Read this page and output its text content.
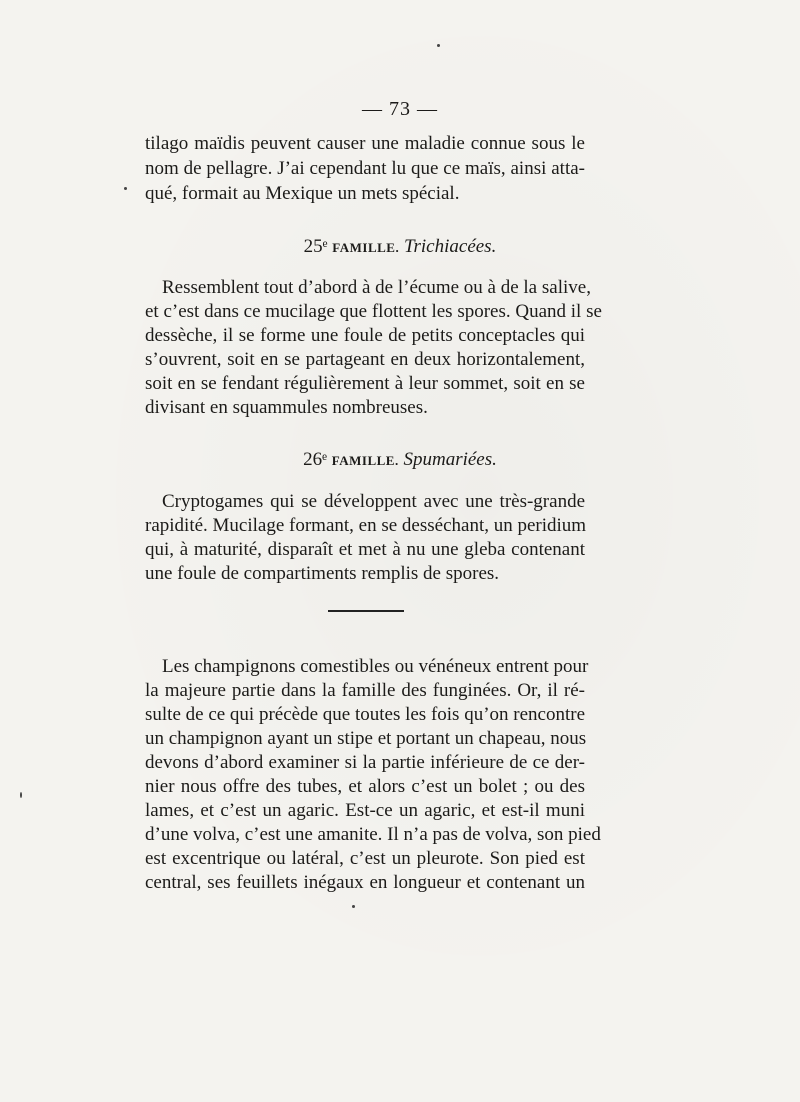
— 73 —
tilago maïdis peuvent causer une maladie connue sous le
nom de pellagre. J’ai cependant lu que ce maïs, ainsi atta-
qué, formait au Mexique un mets spécial.
25ᵉ FAMILLE. Trichiacées.
Ressemblent tout d’abord à de l’écume ou à de la salive,
et c’est dans ce mucilage que flottent les spores. Quand il se
dessèche, il se forme une foule de petits conceptacles qui
s’ouvrent, soit en se partageant en deux horizontalement,
soit en se fendant régulièrement à leur sommet, soit en se
divisant en squammules nombreuses.
26ᵉ FAMILLE. Spumariées.
Cryptogames qui se développent avec une très-grande
rapidité. Mucilage formant, en se desséchant, un peridium
qui, à maturité, disparaît et met à nu une gleba contenant
une foule de compartiments remplis de spores.
Les champignons comestibles ou vénéneux entrent pour
la majeure partie dans la famille des funginées. Or, il ré-
sulte de ce qui précède que toutes les fois qu’on rencontre
un champignon ayant un stipe et portant un chapeau, nous
devons d’abord examiner si la partie inférieure de ce der-
nier nous offre des tubes, et alors c’est un bolet ; ou des
lames, et c’est un agaric. Est-ce un agaric, et est-il muni
d’une volva, c’est une amanite. Il n’a pas de volva, son pied
est excentrique ou latéral, c’est un pleurote. Son pied est
central, ses feuillets inégaux en longueur et contenant un
